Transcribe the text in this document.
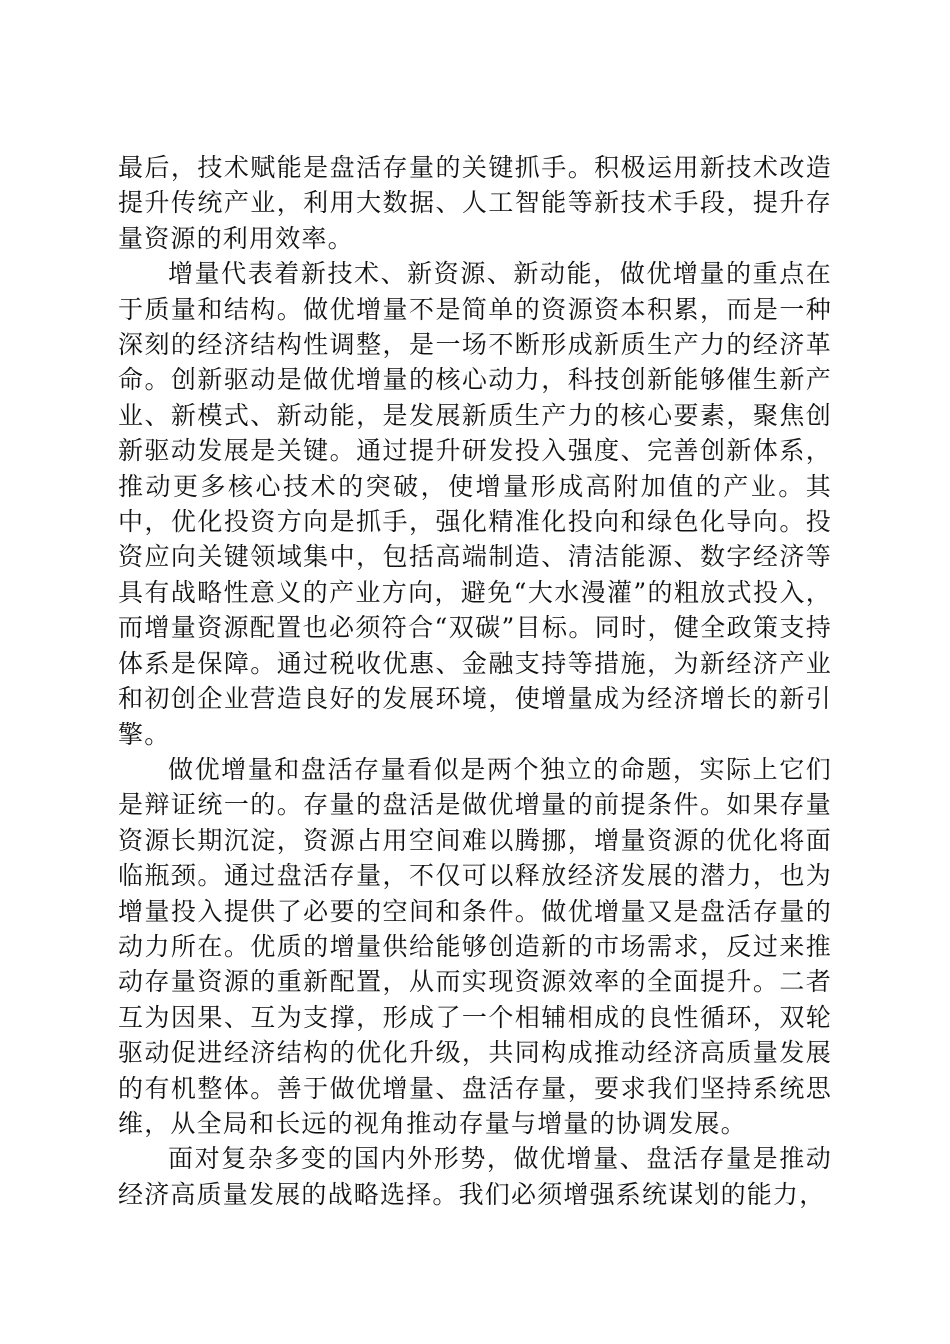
最后，技术赋能是盘活存量的关键抓手。积极运用新技术改造提升传统产业，利用大数据、人工智能等新技术手段，提升存量资源的利用效率。

增量代表着新技术、新资源、新动能，做优增量的重点在于质量和结构。做优增量不是简单的资源资本积累，而是一种深刻的经济结构性调整，是一场不断形成新质生产力的经济革命。创新驱动是做优增量的核心动力，科技创新能够催生新产业、新模式、新动能，是发展新质生产力的核心要素，聚焦创新驱动发展是关键。通过提升研发投入强度、完善创新体系，推动更多核心技术的突破，使增量形成高附加值的产业。其中，优化投资方向是抓手，强化精准化投向和绿色化导向。投资应向关键领域集中，包括高端制造、清洁能源、数字经济等具有战略性意义的产业方向，避免“大水漫灌”的粗放式投入，而增量资源配置也必须符合“双碳”目标。同时，健全政策支持体系是保障。通过税收优惠、金融支持等措施，为新经济产业和初创企业营造良好的发展环境，使增量成为经济增长的新引擎。

做优增量和盘活存量看似是两个独立的命题，实际上它们是辩证统一的。存量的盘活是做优增量的前提条件。如果存量资源长期沉淀，资源占用空间难以腾挪，增量资源的优化将面临瓶颈。通过盘活存量，不仅可以释放经济发展的潜力，也为增量投入提供了必要的空间和条件。做优增量又是盘活存量的动力所在。优质的增量供给能够创造新的市场需求，反过来推动存量资源的重新配置，从而实现资源效率的全面提升。二者互为因果、互为支撑，形成了一个相辅相成的良性循环，双轮驱动促进经济结构的优化升级，共同构成推动经济高质量发展的有机整体。善于做优增量、盘活存量，要求我们坚持系统思维，从全局和长远的视角推动存量与增量的协调发展。

面对复杂多变的国内外形势，做优增量、盘活存量是推动经济高质量发展的战略选择。我们必须增强系统谋划的能力，
